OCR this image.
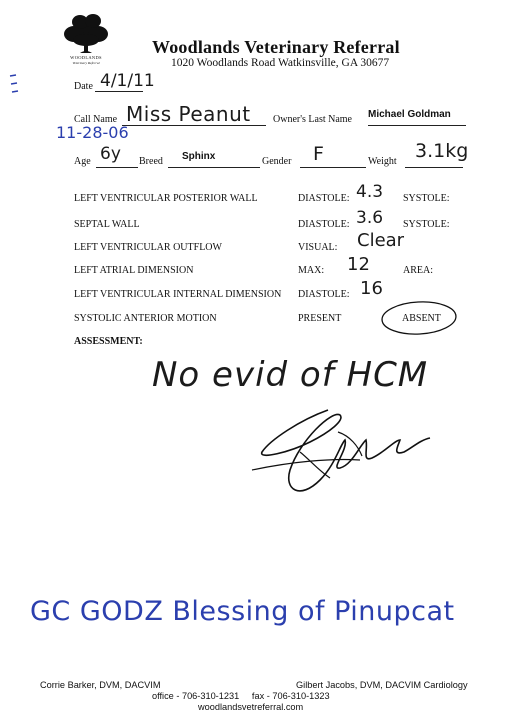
WOODLANDS
Veterinary Referral
Woodlands Veterinary Referral
1020 Woodlands Road Watkinsville, GA 30677
Date 4/1/11
Call Name Miss Peanut Owner's Last Name Michael Goldman
11-28-06
Age 6y Breed Sphinx	Gender F	Weight 3.1kg
LEFT VENTRICULAR POSTERIOR WALL	DIASTOLE: 4.3 SYSTOLE:
SEPTAL WALL	DIASTOLE: 3.6 SYSTOLE:
LEFT VENTRICULAR OUTFLOW	VISUAL: Clear
LEFT ATRIAL DIMENSION	MAX: 12	AREA:
LEFT VENTRICULAR INTERNAL DIMENSION DIASTOLE: 16
SYSTOLIC ANTERIOR MOTION	PRESENT	ABSENT
ASSESSMENT:
No evid of HCM
GC GODZ Blessing of Pinupcat
Corrie Barker, DVM, DACVIM	Gilbert Jacobs, DVM, DACVIM Cardiology
office - 706-310-1231     fax - 706-310-1323
woodlandsvetreferral.com
